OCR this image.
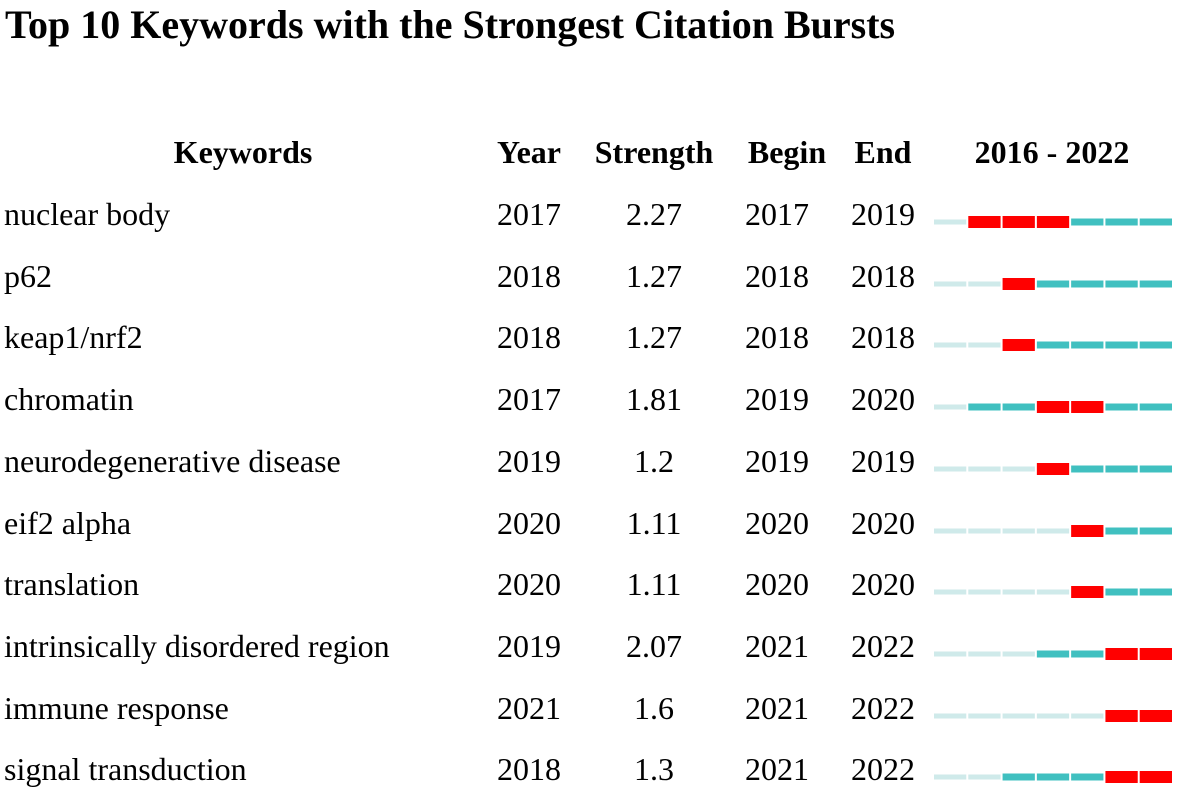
Top 10 Keywords with the Strongest Citation Bursts
Keywords	Year	Strength	Begin End	2016 - 2022
nuclear body	2017	2.27	2017 2019
p62	2018	1.27	2018 2018
keap1/nrf2	2018	1.27	2018 2018
chromatin	2017	1.81	2019 2020
neurodegenerative disease	2019	1.2	2019 2019
eif2 alpha	2020	1.11	2020 2020
translation	2020	1.11	2020 2020
intrinsically disordered region	2019	2.07	2021 2022
immune response	2021	1.6	2021 2022
signal transduction	2018	1.3	2021 2022
